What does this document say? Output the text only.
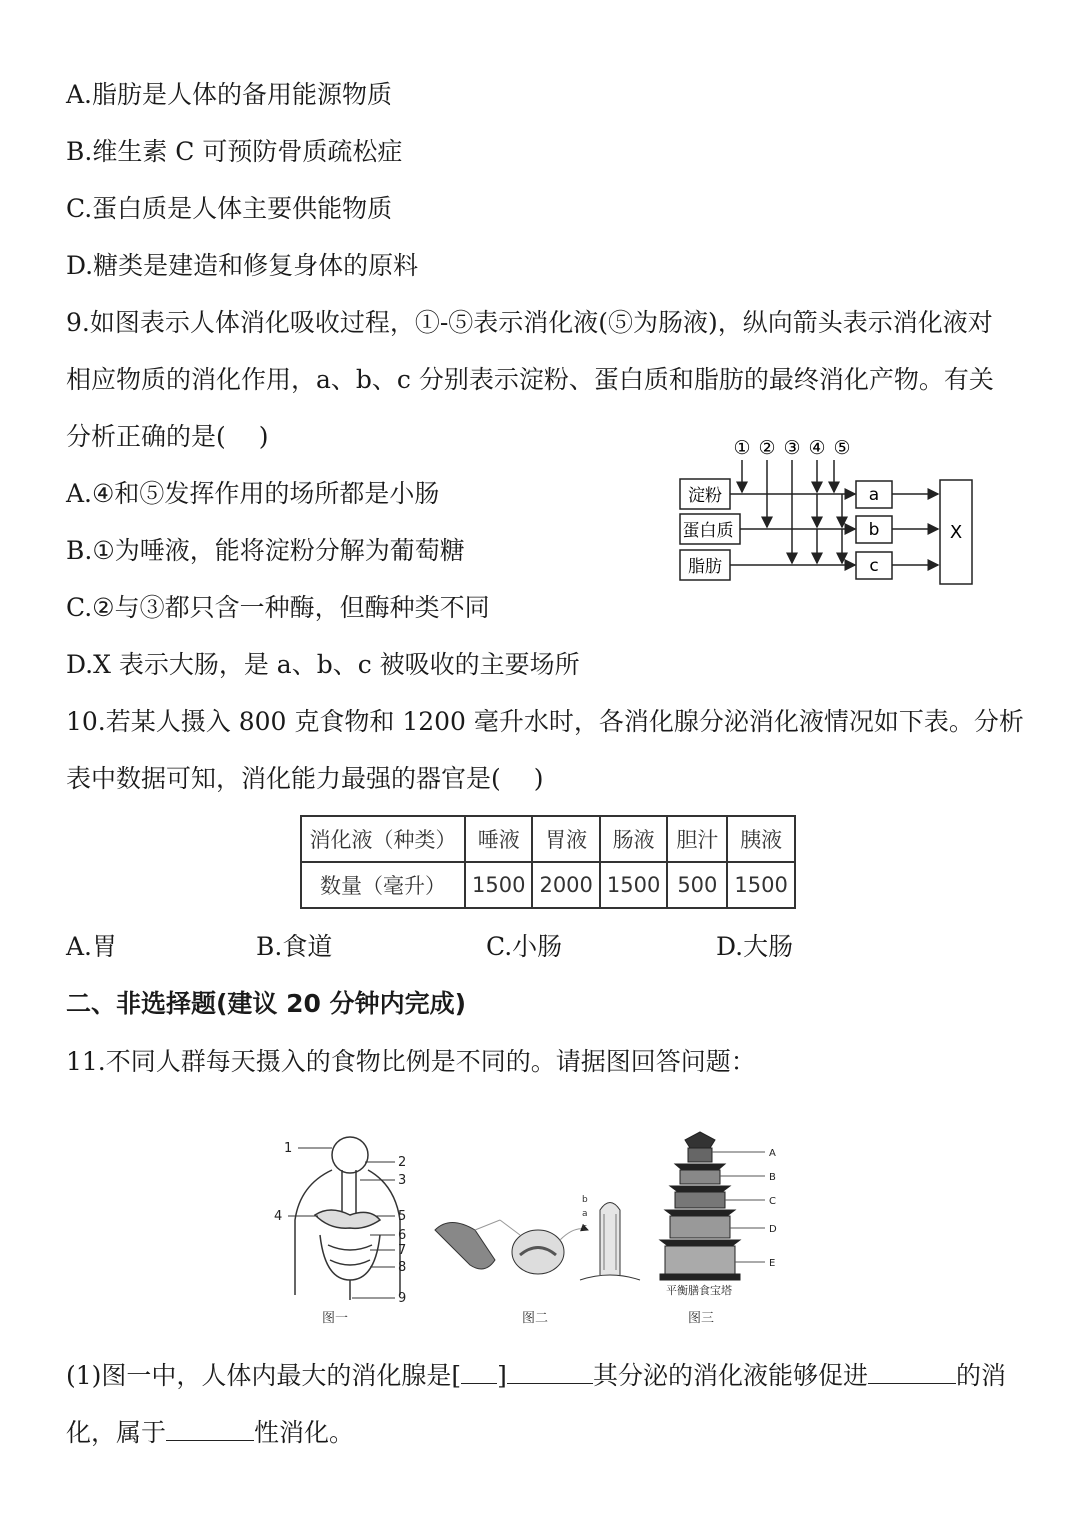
A.脂肪是人体的备用能源物质
B.维生素 C 可预防骨质疏松症
C.蛋白质是人体主要供能物质
D.糖类是建造和修复身体的原料
9.如图表示人体消化吸收过程，①-⑤表示消化液(⑤为肠液)，纵向箭头表示消化液对
相应物质的消化作用，a、b、c 分别表示淀粉、蛋白质和脂肪的最终消化产物。有关
分析正确的是(　 )
A.④和⑤发挥作用的场所都是小肠
B.①为唾液，能将淀粉分解为葡萄糖
C.②与③都只含一种酶，但酶种类不同
D.X 表示大肠，是 a、b、c 被吸收的主要场所
① ② ③ ④ ⑤
淀粉
蛋白质
脂肪
a
b
c
X
10.若某人摄入 800 克食物和 1200 毫升水时，各消化腺分泌消化液情况如下表。分析
表中数据可知，消化能力最强的器官是(　 )
消化液（种类）	唾液	胃液	肠液	胆汁	胰液
数量（毫升）	1500	2000	1500	500	1500
A.胃	B.食道	C.小肠	D.大肠
二、非选择题(建议 20 分钟内完成)
11.不同人群每天摄入的食物比例是不同的。请据图回答问题：
1
2
3
4	5
6
7
8
9
图一
a
b
c
图二
A
B
C
D
E
平衡膳食宝塔
图三
(1)图一中，人体内最大的消化腺是[ ]	其分泌的消化液能够促进	的消
化，属于	性消化。
